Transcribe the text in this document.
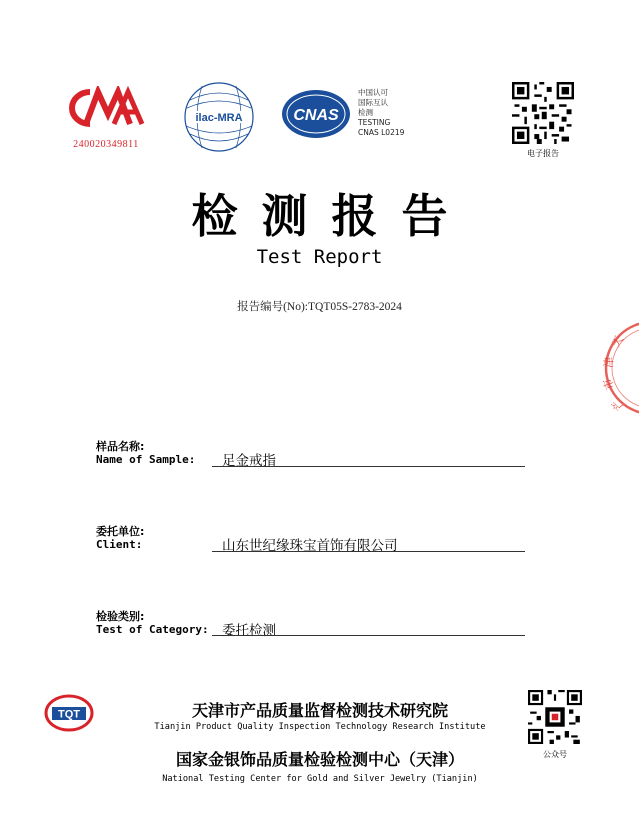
240020349811
ilac-MRA	CNAS
中国认可
国际互认
检测
TESTING
CNAS L0219
电子报告
天
津
市
产
检测报告
Test Report
报告编号(No):TQT05S-2783-2024
样品名称:
Name of Sample: 足金戒指
委托单位:
Client:	山东世纪缘珠宝首饰有限公司
检验类别:
Test of Category: 委托检测
TQT	天津市产品质量监督检测技术研究院
Tianjin Product Quality Inspection Technology Research Institute
国家金银饰品质量检验检测中心（天津）
National Testing Center for Gold and Silver Jewelry (Tianjin)
公众号
